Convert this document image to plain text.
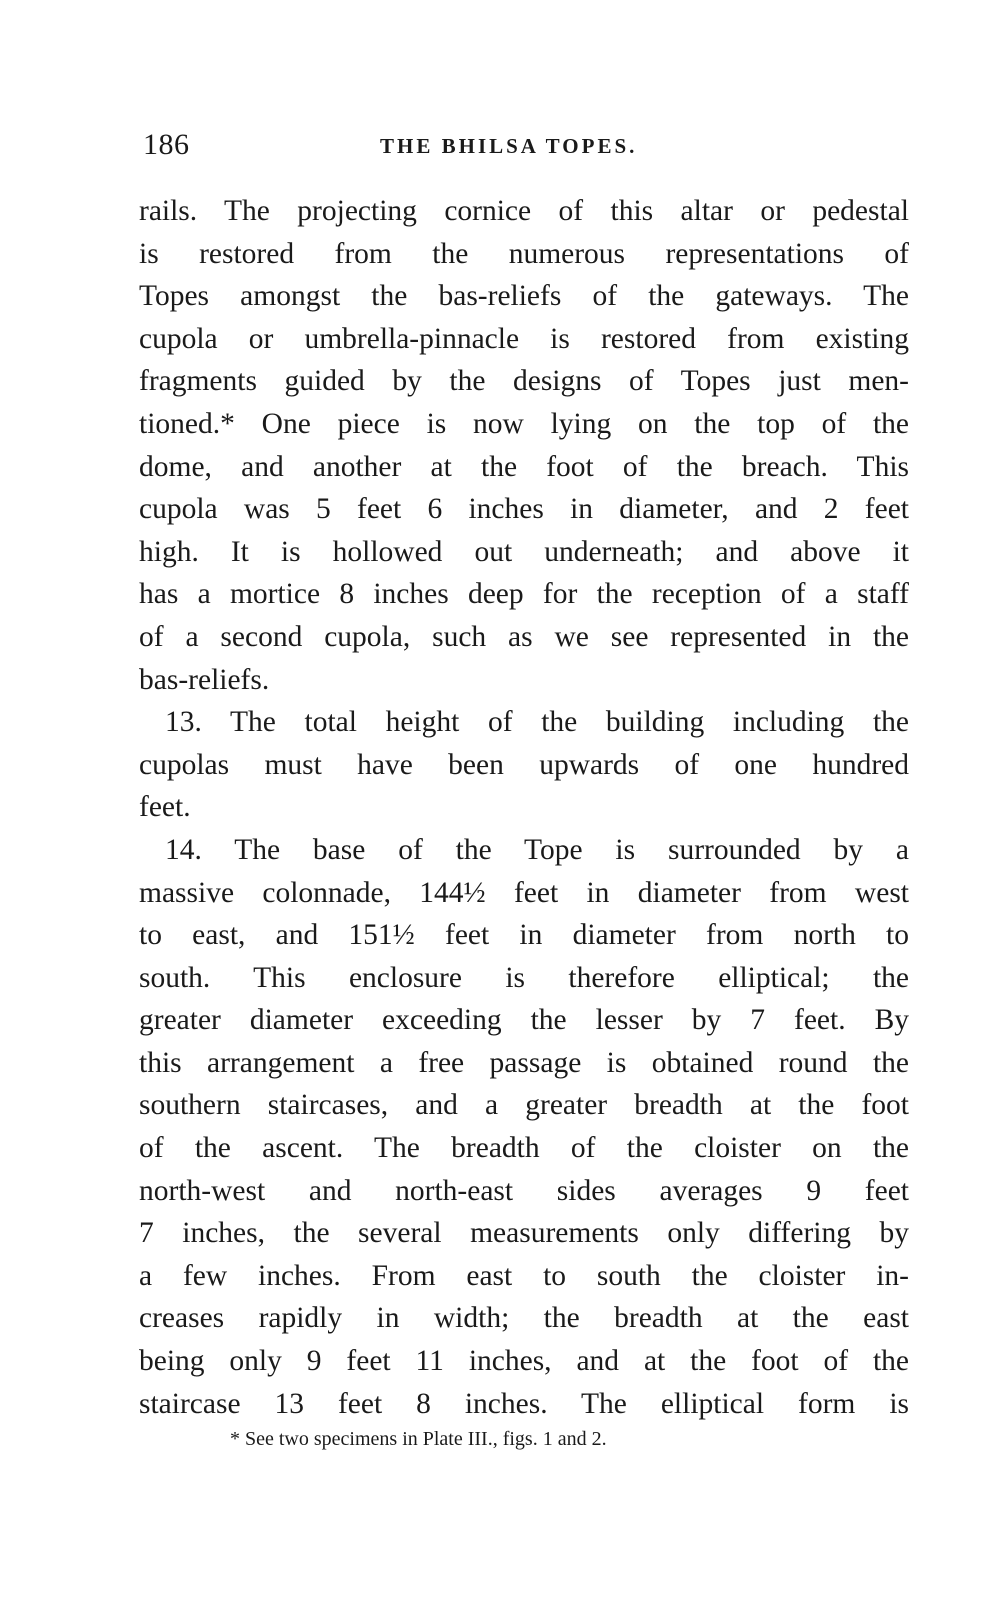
186	THE BHILSA TOPES.
rails. The projecting cornice of this altar or pedestal
is restored from the numerous representations of
Topes amongst the bas-reliefs of the gateways. The
cupola or umbrella-pinnacle is restored from existing
fragments guided by the designs of Topes just men-
tioned.* One piece is now lying on the top of the
dome, and another at the foot of the breach. This
cupola was 5 feet 6 inches in diameter, and 2 feet
high. It is hollowed out underneath; and above it
has a mortice 8 inches deep for the reception of a staff
of a second cupola, such as we see represented in the
bas-reliefs.
13. The total height of the building including the
cupolas must have been upwards of one hundred
feet.
14. The base of the Tope is surrounded by a
massive colonnade, 144½ feet in diameter from west
to east, and 151½ feet in diameter from north to
south. This enclosure is therefore elliptical; the
greater diameter exceeding the lesser by 7 feet. By
this arrangement a free passage is obtained round the
southern staircases, and a greater breadth at the foot
of the ascent. The breadth of the cloister on the
north-west and north-east sides averages 9 feet
7 inches, the several measurements only differing by
a few inches. From east to south the cloister in-
creases rapidly in width; the breadth at the east
being only 9 feet 11 inches, and at the foot of the
staircase 13 feet 8 inches. The elliptical form is
* See two specimens in Plate III., figs. 1 and 2.
